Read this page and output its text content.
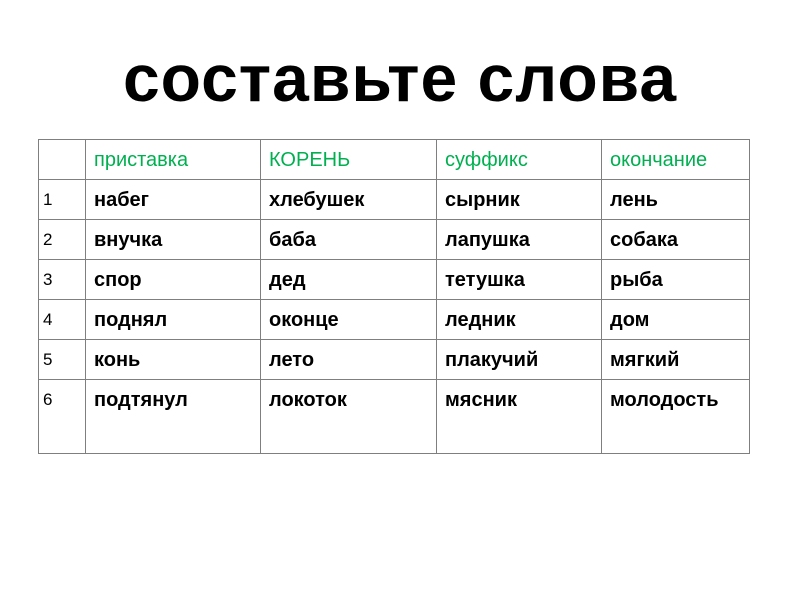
составьте слова
	приставка	КОРЕНЬ	суффикс	окончание
1	набег	хлебушек	сырник	лень
2	внучка	баба	лапушка	собака
3	спор	дед	тетушка	рыба
4	поднял	оконце	ледник	дом
5	конь	лето	плакучий	мягкий
6	подтянул	локоток	мясник	молодость
